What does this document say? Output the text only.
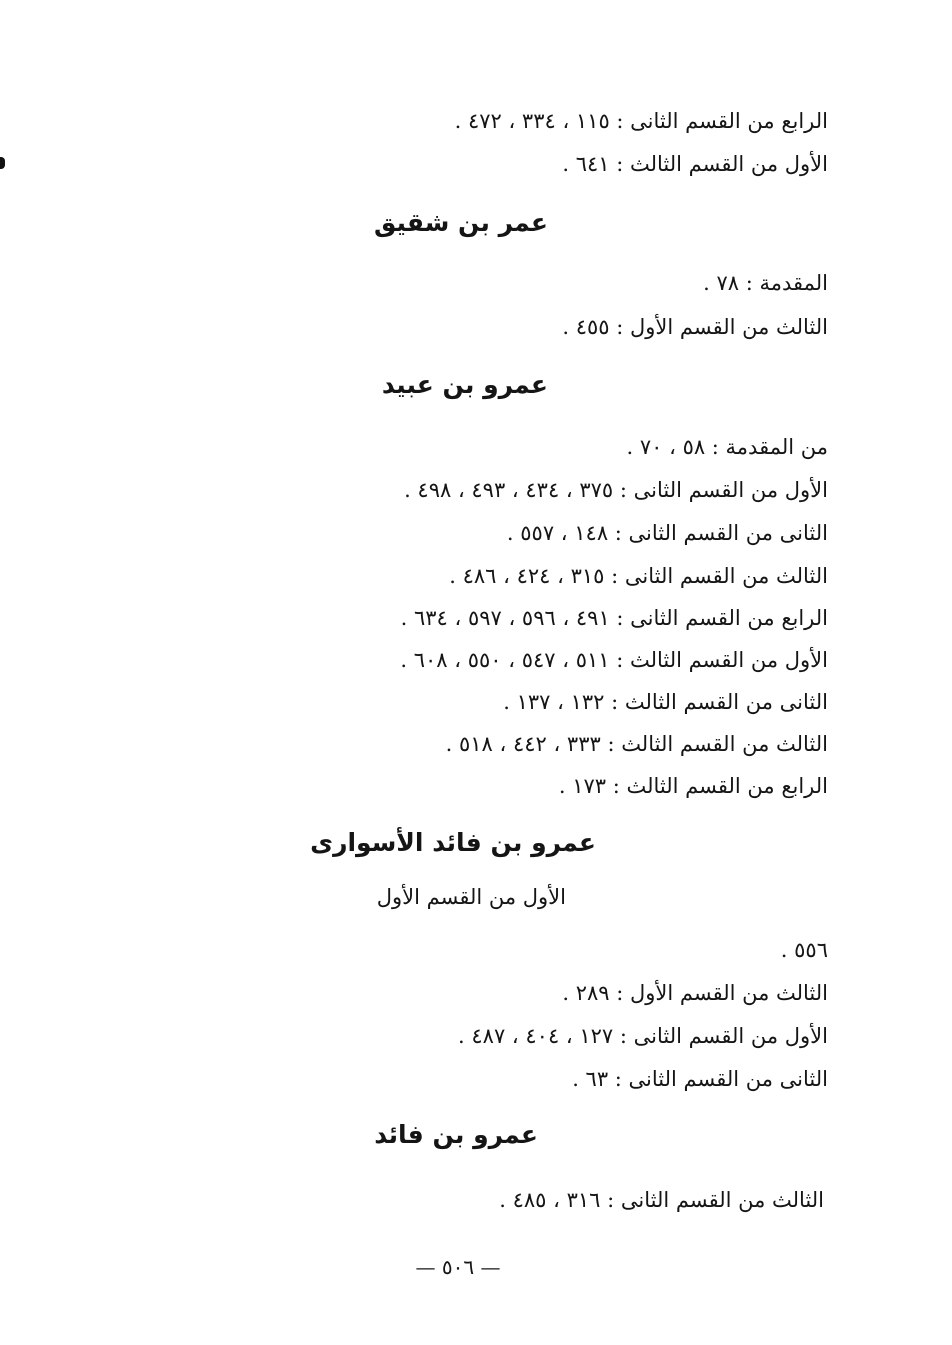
الرابع من القسم الثانى : ١١٥ ، ٣٣٤ ، ٤٧٢ .
الأول من القسم الثالث : ٦٤١ .
عمر بن شقيق
المقدمة : ٧٨ .
الثالث من القسم الأول : ٤٥٥ .
عمرو بن عبيد
من المقدمة : ٥٨ ، ٧٠ .
الأول من القسم الثانى : ٣٧٥ ، ٤٣٤ ، ٤٩٣ ، ٤٩٨ .
الثانى من القسم الثانى : ١٤٨ ، ٥٥٧ .
الثالث من القسم الثانى : ٣١٥ ، ٤٢٤ ، ٤٨٦ .
الرابع من القسم الثانى : ٤٩١ ، ٥٩٦ ، ٥٩٧ ، ٦٣٤ .
الأول من القسم الثالث : ٥١١ ، ٥٤٧ ، ٥٥٠ ، ٦٠٨ .
الثانى من القسم الثالث : ١٣٢ ، ١٣٧ .
الثالث من القسم الثالث : ٣٣٣ ، ٤٤٢ ، ٥١٨ .
الرابع من القسم الثالث : ١٧٣ .
عمرو بن فائد الأسوارى
الأول من القسم الأول
٥٥٦ .
الثالث من القسم الأول : ٢٨٩ .
الأول من القسم الثانى : ١٢٧ ، ٤٠٤ ، ٤٨٧ .
الثانى من القسم الثانى : ٦٣ .
عمرو بن فائد
الثالث من القسم الثانى : ٣١٦ ، ٤٨٥ .
— ٥٠٦ —
